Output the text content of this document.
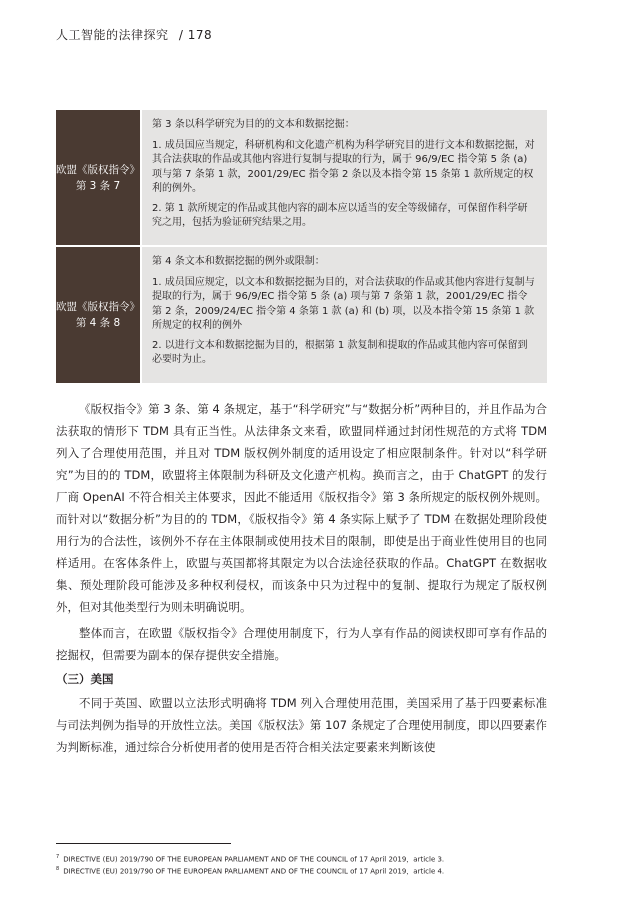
人工智能的法律探究 / 178
欧盟《版权指令》
第 3 条 7

第 3 条以科学研究为目的的文本和数据挖掘：

1. 成员国应当规定，科研机构和文化遗产机构为科学研究目的进行文本和数据挖掘，对其合法获取的作品或其他内容进行复制与提取的行为，属于 96/9/EC 指令第 5 条 (a) 项与第 7 条第 1 款，2001/29/EC 指令第 2 条以及本指令第 15 条第 1 款所规定的权利的例外。

2. 第 1 款所规定的作品或其他内容的副本应以适当的安全等级储存，可保留作科学研究之用，包括为验证研究结果之用。

欧盟《版权指令》
第 4 条 8

第 4 条文本和数据挖掘的例外或限制：

1. 成员国应规定，以文本和数据挖掘为目的，对合法获取的作品或其他内容进行复制与提取的行为，属于 96/9/EC 指令第 5 条 (a) 项与第 7 条第 1 款，2001/29/EC 指令第 2 条，2009/24/EC 指令第 4 条第 1 款 (a) 和 (b) 项，以及本指令第 15 条第 1 款所规定的权利的例外

2. 以进行文本和数据挖掘为目的，根据第 1 款复制和提取的作品或其他内容可保留到必要时为止。

《版权指令》第 3 条、第 4 条规定，基于“科学研究”与“数据分析”两种目的，并且作品为合法获取的情形下 TDM 具有正当性。从法律条文来看，欧盟同样通过封闭性规范的方式将 TDM 列入了合理使用范围，并且对 TDM 版权例外制度的适用设定了相应限制条件。针对以“科学研究”为目的的 TDM，欧盟将主体限制为科研及文化遗产机构。换而言之，由于 ChatGPT 的发行厂商 OpenAI 不符合相关主体要求，因此不能适用《版权指令》第 3 条所规定的版权例外规则。而针对以“数据分析”为目的的 TDM，《版权指令》第 4 条实际上赋予了 TDM 在数据处理阶段使用行为的合法性，该例外不存在主体限制或使用技术目的限制，即使是出于商业性使用目的也同样适用。在客体条件上，欧盟与英国都将其限定为以合法途径获取的作品。ChatGPT 在数据收集、预处理阶段可能涉及多种权利侵权，而该条中只为过程中的复制、提取行为规定了版权例外，但对其他类型行为则未明确说明。

整体而言，在欧盟《版权指令》合理使用制度下，行为人享有作品的阅读权即可享有作品的挖掘权，但需要为副本的保存提供安全措施。

（三）美国

不同于英国、欧盟以立法形式明确将 TDM 列入合理使用范围，美国采用了基于四要素标准与司法判例为指导的开放性立法。美国《版权法》第 107 条规定了合理使用制度，即以四要素作为判断标准，通过综合分析使用者的使用是否符合相关法定要素来判断该使

$^7$ DIRECTIVE (EU) 2019/790 OF THE EUROPEAN PARLIAMENT AND OF THE COUNCIL of 17 April 2019，article 3.
$^8$ DIRECTIVE (EU) 2019/790 OF THE EUROPEAN PARLIAMENT AND OF THE COUNCIL of 17 April 2019，article 4.
